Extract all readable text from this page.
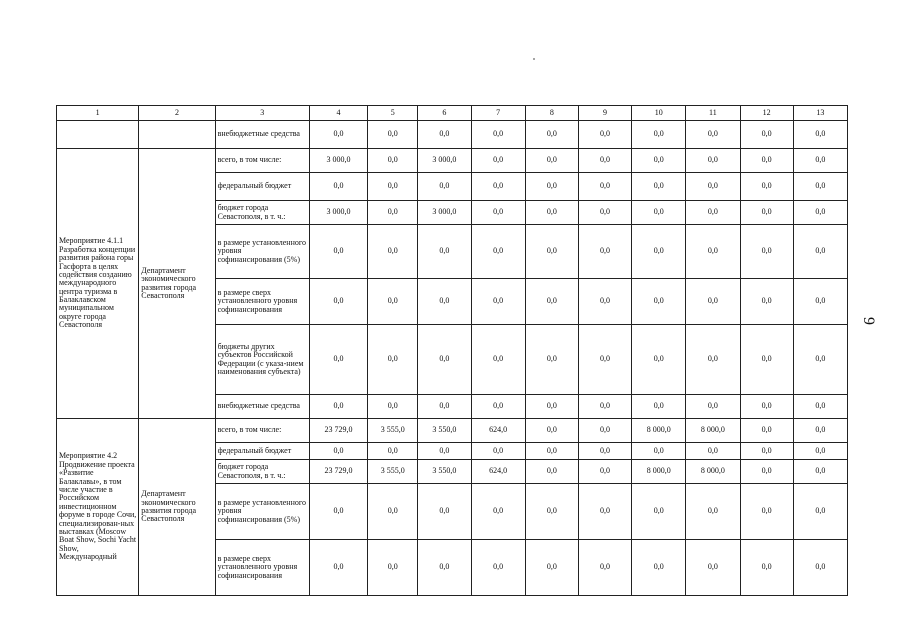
1	2	3	4	5	6	7	8	9	10	11	12	13
		внебюджетные средства	0,0	0,0	0,0	0,0	0,0	0,0	0,0	0,0	0,0	0,0

Мероприятие 4.1.1
Разработка концепции развития района горы Гасфорта в целях содействия созданию международного центра туризма в Балаклавском муниципальном округе города Севастополя	Департамент экономического развития города Севастополя	всего, в том числе:	3 000,0	0,0	3 000,0	0,0	0,0	0,0	0,0	0,0	0,0	0,0
		федеральный бюджет	0,0	0,0	0,0	0,0	0,0	0,0	0,0	0,0	0,0	0,0
		бюджет города Севастополя, в т. ч.:	3 000,0	0,0	3 000,0	0,0	0,0	0,0	0,0	0,0	0,0	0,0
		в размере установленного уровня софинансирования (5%)	0,0	0,0	0,0	0,0	0,0	0,0	0,0	0,0	0,0	0,0
		в размере сверх установленного уровня софинансирования	0,0	0,0	0,0	0,0	0,0	0,0	0,0	0,0	0,0	0,0
		бюджеты других субъектов Российской Федерации (с указа-нием наименования субъекта)	0,0	0,0	0,0	0,0	0,0	0,0	0,0	0,0	0,0	0,0
		внебюджетные средства	0,0	0,0	0,0	0,0	0,0	0,0	0,0	0,0	0,0	0,0

Мероприятие 4.2
Продвижение проекта «Развитие Балаклавы», в том числе участие в Российском инвестиционном форуме в городе Сочи, специализирован-ных выставках (Moscow Boat Show, Sochi Yacht Show, Международный	Департамент экономического развития города Севастополя	всего, в том числе:	23 729,0	3 555,0	3 550,0	624,0	0,0	0,0	8 000,0	8 000,0	0,0	0,0
		федеральный бюджет	0,0	0,0	0,0	0,0	0,0	0,0	0,0	0,0	0,0	0,0
		бюджет города Севастополя, в т. ч.:	23 729,0	3 555,0	3 550,0	624,0	0,0	0,0	8 000,0	8 000,0	0,0	0,0
		в размере установленного уровня софинансирования (5%)	0,0	0,0	0,0	0,0	0,0	0,0	0,0	0,0	0,0	0,0
		в размере сверх установленного уровня софинансирования	0,0	0,0	0,0	0,0	0,0	0,0	0,0	0,0	0,0	0,0
9
